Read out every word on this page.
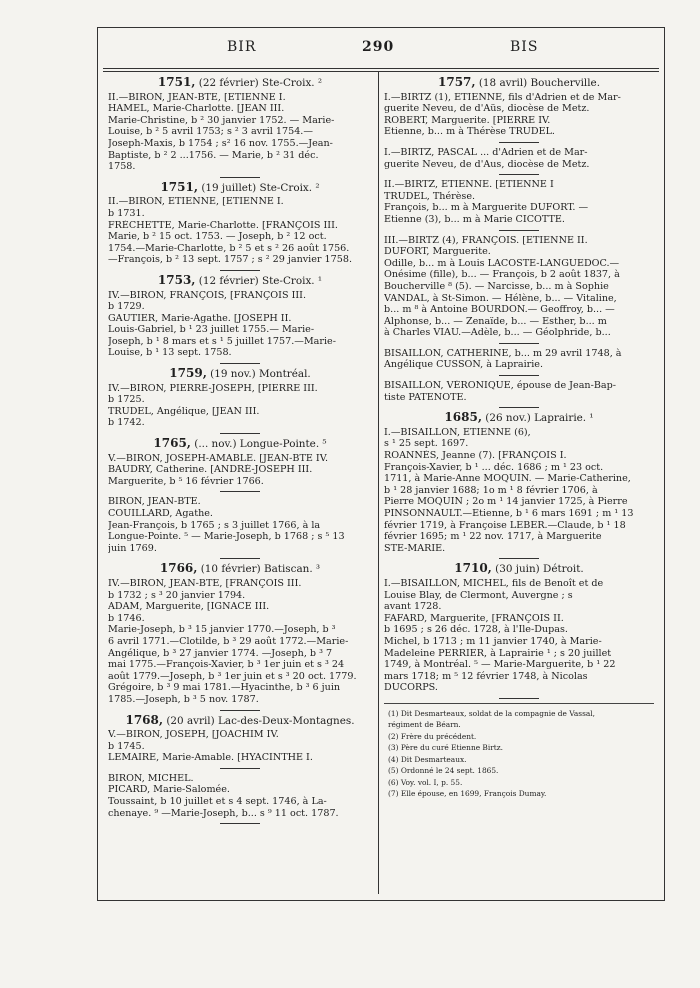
BIR	290	BIS
1751, (22 février) Ste-Croix. ²
II.—BIRON, JEAN-BTE, [ETIENNE I.
HAMEL, Marie-Charlotte. [JEAN III.
Marie-Christine, b ² 30 janvier 1752. — Marie-
Louise, b ² 5 avril 1753; s ² 3 avril 1754.—
Joseph-Maxis, b 1754 ; s² 16 nov. 1755.—Jean-
Baptiste, b ² 2 ...1756. — Marie, b ² 31 déc.
1758.
1751, (19 juillet) Ste-Croix. ²
II.—BIRON, ETIENNE, [ETIENNE I.
b 1731.
FRÉCHETTE, Marie-Charlotte. [FRANÇOIS III.
Marie, b ² 15 oct. 1753. — Joseph, b ² 12 oct.
1754.—Marie-Charlotte, b ² 5 et s ² 26 août 1756.
—François, b ² 13 sept. 1757 ; s ² 29 janvier 1758.
1753, (12 février) Ste-Croix. ¹
IV.—BIRON, FRANÇOIS, [FRANÇOIS III.
b 1729.
GAUTIER, Marie-Agathe. [JOSEPH II.
Louis-Gabriel, b ¹ 23 juillet 1755.— Marie-
Joseph, b ¹ 8 mars et s ¹ 5 juillet 1757.—Marie-
Louise, b ¹ 13 sept. 1758.
1759, (19 nov.) Montréal.
IV.—BIRON, PIERRE-JOSEPH, [PIERRE III.
b 1725.
TRUDEL, Angélique, [JEAN III.
b 1742.
1765, (... nov.) Longue-Pointe. ⁵
V.—BIRON, JOSEPH-AMABLE. [JEAN-BTE IV.
BAUDRY, Catherine. [ANDRÉ-JOSEPH III.
Marguerite, b ⁵ 16 février 1766.
BIRON, JEAN-BTE.
COUILLARD, Agathe.
Jean-François, b 1765 ; s 3 juillet 1766, à la
Longue-Pointe. ⁵ — Marie-Joseph, b 1768 ; s ⁵ 13
juin 1769.
1766, (10 février) Batiscan. ³
IV.—BIRON, JEAN-BTE, [FRANÇOIS III.
b 1732 ; s ³ 20 janvier 1794.
ADAM, Marguerite, [IGNACE III.
b 1746.
Marie-Joseph, b ³ 15 janvier 1770.—Joseph, b ³
6 avril 1771.—Clotilde, b ³ 29 août 1772.—Marie-
Angélique, b ³ 27 janvier 1774. —Joseph, b ³ 7
mai 1775.—François-Xavier, b ³ 1er juin et s ³ 24
août 1779.—Joseph, b ³ 1er juin et s ³ 20 oct. 1779.
Grégoire, b ³ 9 mai 1781.—Hyacinthe, b ³ 6 juin
1785.—Joseph, b ³ 5 nov. 1787.
1768, (20 avril) Lac-des-Deux-Montagnes.
V.—BIRON, JOSEPH, [JOACHIM IV.
b 1745.
LEMAIRE, Marie-Amable. [HYACINTHE I.
BIRON, MICHEL.
PICARD, Marie-Salomée.
Toussaint, b 10 juillet et s 4 sept. 1746, à La-
chenaye. ⁹ —Marie-Joseph, b... s ⁹ 11 oct. 1787.
1757, (18 avril) Boucherville.
I.—BIRTZ (1), ETIENNE, fils d'Adrien et de Mar-
guerite Neveu, de d'Aüs, diocèse de Metz.
ROBERT, Marguerite. [PIERRE IV.
Etienne, b... m à Thérèse TRUDEL.
I.—BIRTZ, PASCAL ... d'Adrien et de Mar-
guerite Neveu, de d'Aus, diocèse de Metz.
II.—BIRTZ, ETIENNE. [ETIENNE I
TRUDEL, Thérèse.
François, b... m à Marguerite DUFORT. —
Etienne (3), b... m à Marie CICOTTE.
III.—BIRTZ (4), FRANÇOIS. [ETIENNE II.
DUFORT, Marguerite.
Odille, b... m à Louis LACOSTE-LANGUEDOC.—
Onésime (fille), b... — François, b 2 août 1837, à
Boucherville ⁸ (5). — Narcisse, b... m à Sophie
VANDAL, à St-Simon. — Hélène, b... — Vitaline,
b... m ⁸ à Antoine BOURDON.— Geoffroy, b... —
Alphonse, b... — Zenaïde, b... — Esther, b... m
à Charles VIAU.—Adèle, b... — Géolphride, b...
BISAILLON, CATHERINE, b... m 29 avril 1748, à
Angélique CUSSON, à Laprairie.
BISAILLON, VÉRONIQUE, épouse de Jean-Bap-
tiste PATENOTE.
1685, (26 nov.) Laprairie. ¹
I.—BISAILLON, ETIENNE (6),
s ¹ 25 sept. 1697.
ROANNÈS, Jeanne (7). [FRANÇOIS I.
François-Xavier, b ¹ ... déc. 1686 ; m ¹ 23 oct.
1711, à Marie-Anne MOQUIN. — Marie-Catherine,
b ¹ 28 janvier 1688; 1o m ¹ 8 février 1706, à
Pierre MOQUIN ; 2o m ¹ 14 janvier 1725, à Pierre
PINSONNAULT.—Etienne, b ¹ 6 mars 1691 ; m ¹ 13
février 1719, à Françoise LEBER.—Claude, b ¹ 18
février 1695; m ¹ 22 nov. 1717, à Marguerite
STE-MARIE.
1710, (30 juin) Détroit.
I.—BISAILLON, MICHEL, fils de Benoît et de
Louise Blay, de Clermont, Auvergne ; s
avant 1728.
FAFARD, Marguerite, [FRANÇOIS II.
b 1695 ; s 26 déc. 1728, à l'Ile-Dupas.
Michel, b 1713 ; m 11 janvier 1740, à Marie-
Madeleine PERRIER, à Laprairie ¹ ; s 20 juillet
1749, à Montréal. ⁵ — Marie-Marguerite, b ¹ 22
mars 1718; m ⁵ 12 février 1748, à Nicolas
DUCORPS.
(1) Dit Desmarteaux, soldat de la compagnie de Vassal,
régiment de Béarn.
(2) Frère du précédent.
(3) Père du curé Etienne Birtz.
(4) Dit Desmarteaux.
(5) Ordonné le 24 sept. 1865.
(6) Voy. vol. I, p. 55.
(7) Elle épouse, en 1699, François Dumay.
